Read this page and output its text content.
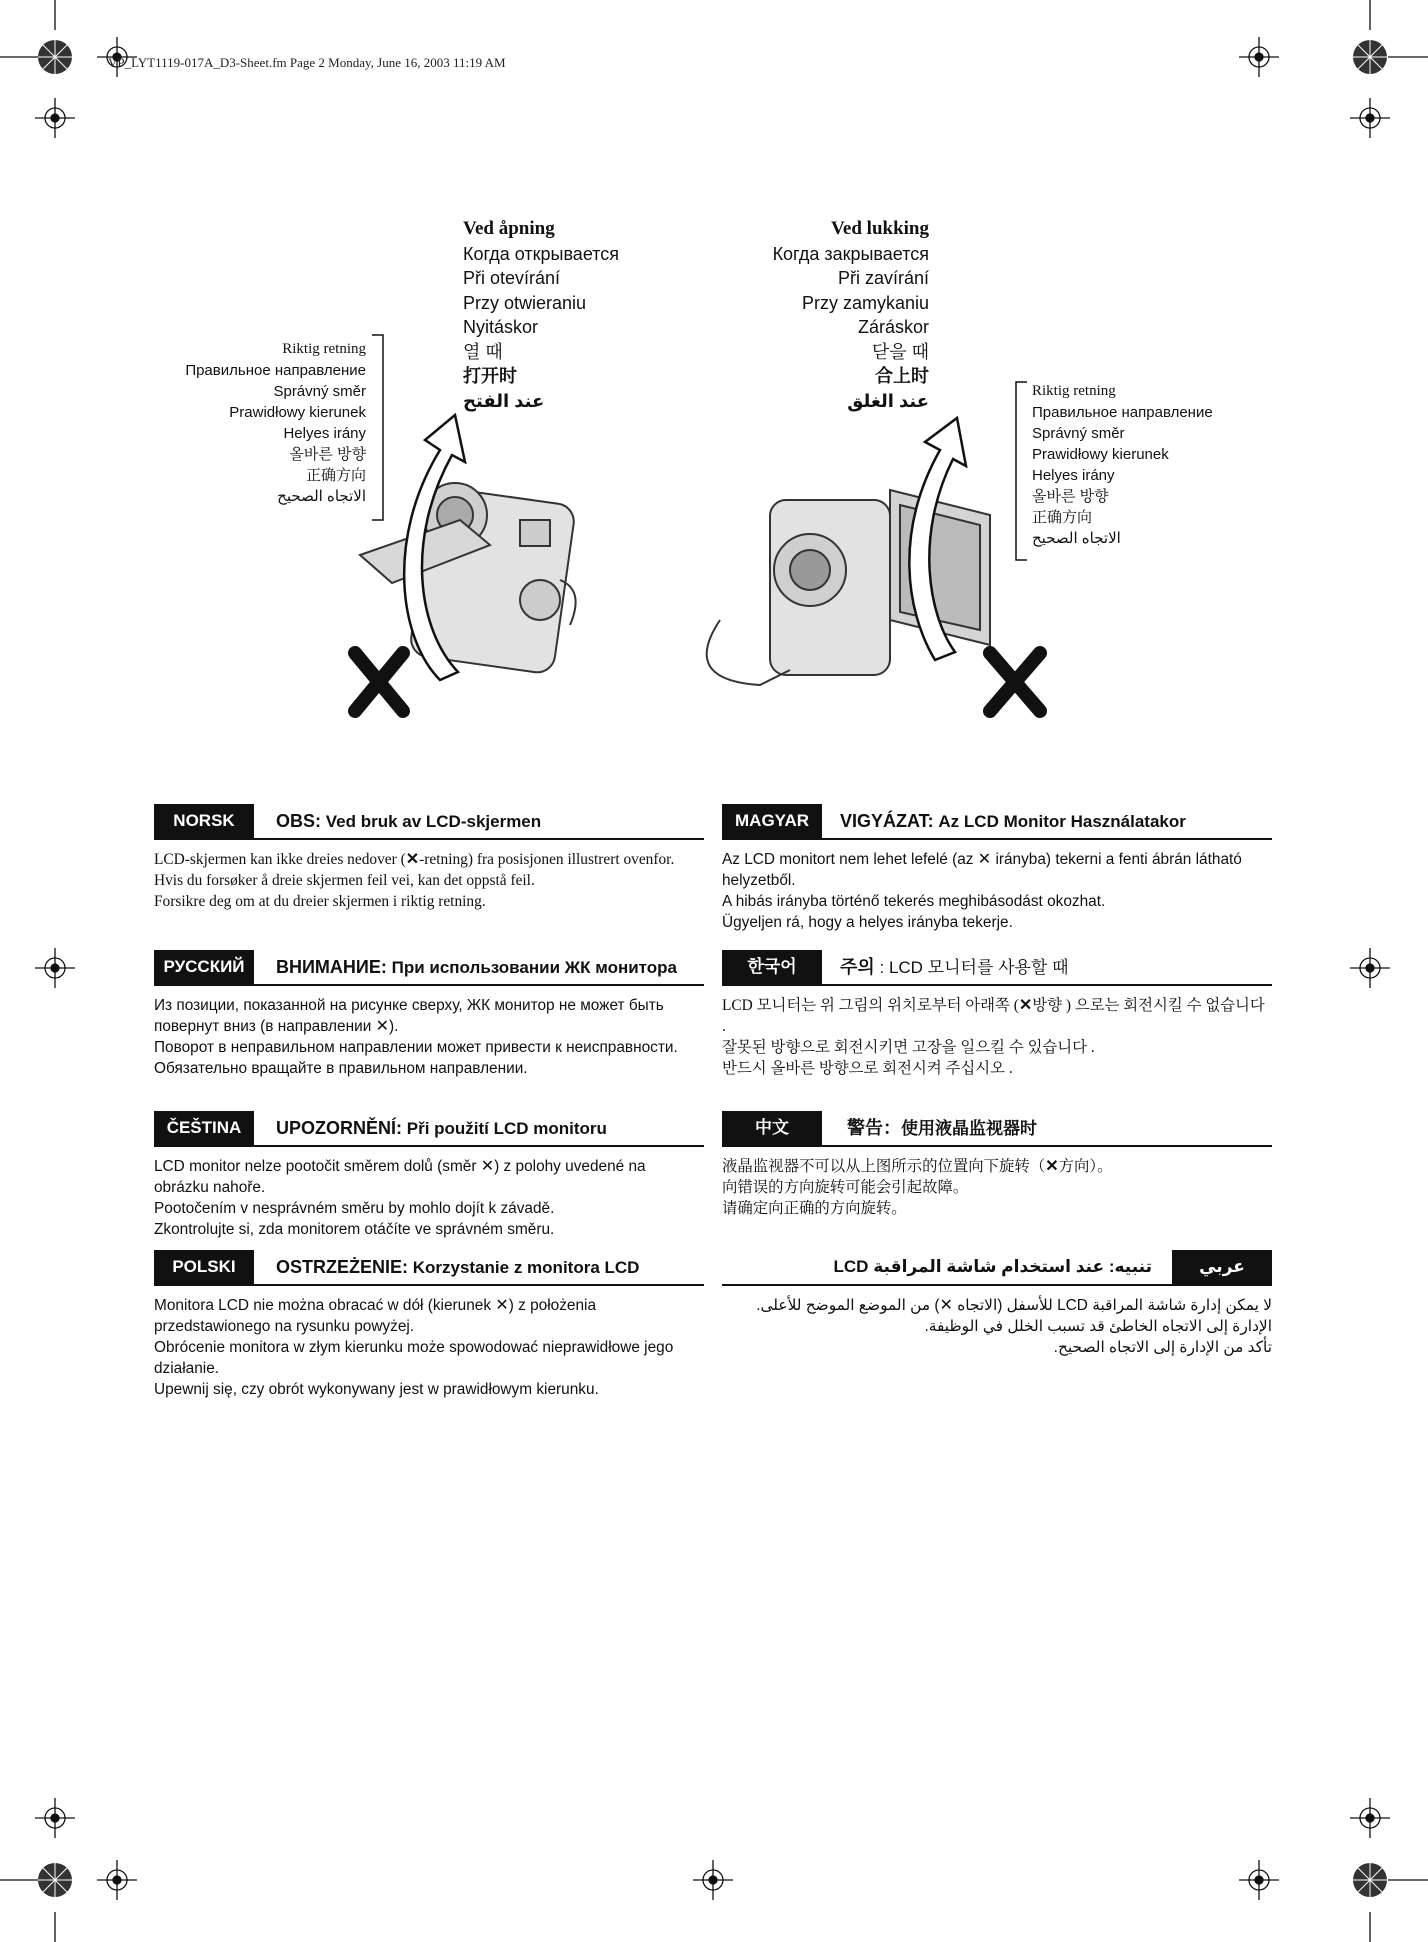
VP_LYT1119-017A_D3-Sheet.fm Page 2 Monday, June 16, 2003 11:19 AM
Ved åpning
Когда открывается
Při otevírání
Przy otwieraniu
Nyitáskor
열 때
打开时
عند الفتح
Ved lukking
Когда закрывается
Při zavírání
Przy zamykaniu
Záráskor
닫을 때
合上时
عند الغلق
Riktig retning
Правильное направление
Správný směr
Prawidłowy kierunek
Helyes irány
올바른 방향
正确方向
الاتجاه الصحيح
Riktig retning
Правильное направление
Správný směr
Prawidłowy kierunek
Helyes irány
올바른 방향
正确方向
الاتجاه الصحيح
NORSK	OBS: Ved bruk av LCD-skjermen

LCD-skjermen kan ikke dreies nedover (✕-retning) fra posisjonen illustrert ovenfor.

Hvis du forsøker å dreie skjermen feil vei, kan det oppstå feil.

Forsikre deg om at du dreier skjermen i riktig retning.

РУССКИЙ	ВНИМАНИЕ: При использовании ЖК монитора

Из позиции, показанной на рисунке сверху, ЖК монитор не может быть повернут вниз (в направлении ✕).

Поворот в неправильном направлении может привести к неисправности.

Обязательно вращайте в правильном направлении.

ČEŠTINA	UPOZORNĚNÍ: Při použití LCD monitoru

LCD monitor nelze pootočit směrem dolů (směr ✕) z polohy uvedené na obrázku nahoře.

Pootočením v nesprávném směru by mohlo dojít k závadě.

Zkontrolujte si, zda monitorem otáčíte ve správném směru.

POLSKI	OSTRZEŻENIE: Korzystanie z monitora LCD

Monitora LCD nie można obracać w dół (kierunek ✕) z położenia przedstawionego na rysunku powyżej.

Obrócenie monitora w złym kierunku może spowodować nieprawidłowe jego działanie.

Upewnij się, czy obrót wykonywany jest w prawidłowym kierunku.

MAGYAR	VIGYÁZAT: Az LCD Monitor Használatakor

Az LCD monitort nem lehet lefelé (az ✕ irányba) tekerni a fenti ábrán látható helyzetből.

A hibás irányba történő tekerés meghibásodást okozhat.

Ügyeljen rá, hogy a helyes irányba tekerje.

한국어	주의 : LCD 모니터를 사용할 때

LCD 모니터는 위 그림의 위치로부터 아래쪽 (✕방향 ) 으로는 회전시킬 수 없습니다 .

잘못된 방향으로 회전시키면 고장을 일으킬 수 있습니다 .

반드시 올바른 방향으로 회전시켜 주십시오 .

中文	警告：使用液晶监视器时

液晶监视器不可以从上图所示的位置向下旋转（✕方向）。

向错误的方向旋转可能会引起故障。

请确定向正确的方向旋转。

عربي
تنبيه: عند استخدام شاشة المراقبة LCD

لا يمكن إدارة شاشة المراقبة LCD للأسفل (الاتجاه ✕) من الموضع الموضح للأعلى.

الإدارة إلى الاتجاه الخاطئ قد تسبب الخلل في الوظيفة.

تأكد من الإدارة إلى الاتجاه الصحيح.
